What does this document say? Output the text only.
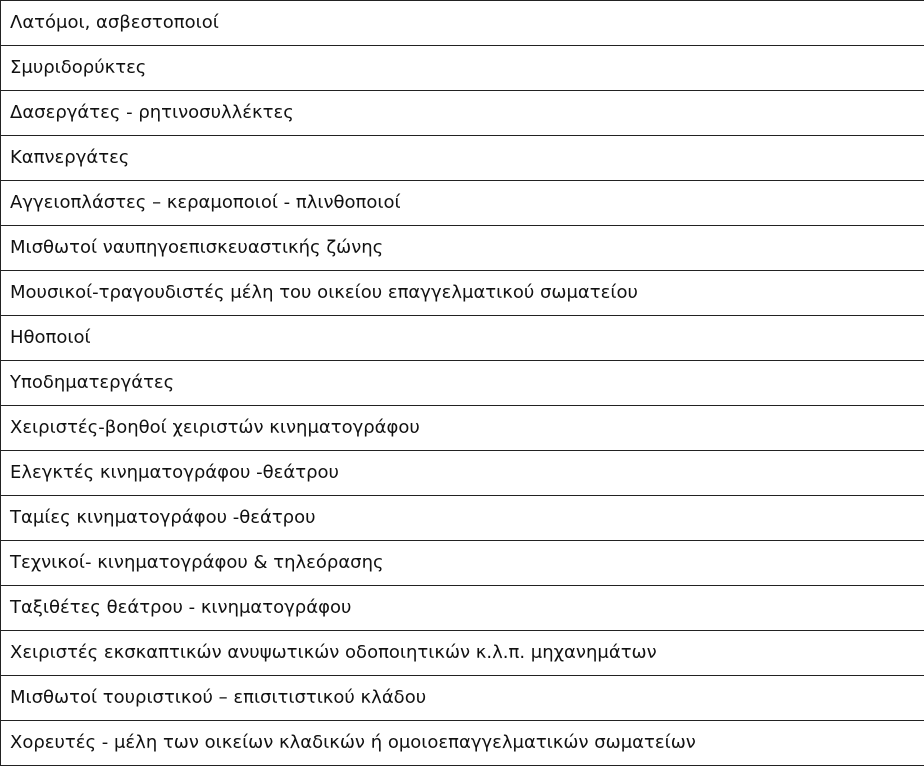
Λατόμοι, ασβεστοποιοί
Σμυριδορύκτες
Δασεργάτες - ρητινοσυλλέκτες
Καπνεργάτες
Αγγειοπλάστες – κεραμοποιοί - πλινθοποιοί
Μισθωτοί ναυπηγοεπισκευαστικής ζώνης
Μουσικοί-τραγουδιστές μέλη του οικείου επαγγελματικού σωματείου
Ηθοποιοί
Υποδηματεργάτες
Χειριστές-βοηθοί χειριστών κινηματογράφου
Ελεγκτές κινηματογράφου -θεάτρου
Ταμίες κινηματογράφου -θεάτρου
Τεχνικοί- κινηματογράφου & τηλεόρασης
Ταξιθέτες θεάτρου - κινηματογράφου
Χειριστές εκσκαπτικών ανυψωτικών οδοποιητικών κ.λ.π. μηχανημάτων
Μισθωτοί τουριστικού – επισιτιστικού κλάδου
Χορευτές - μέλη των οικείων κλαδικών ή ομοιοεπαγγελματικών σωματείων
